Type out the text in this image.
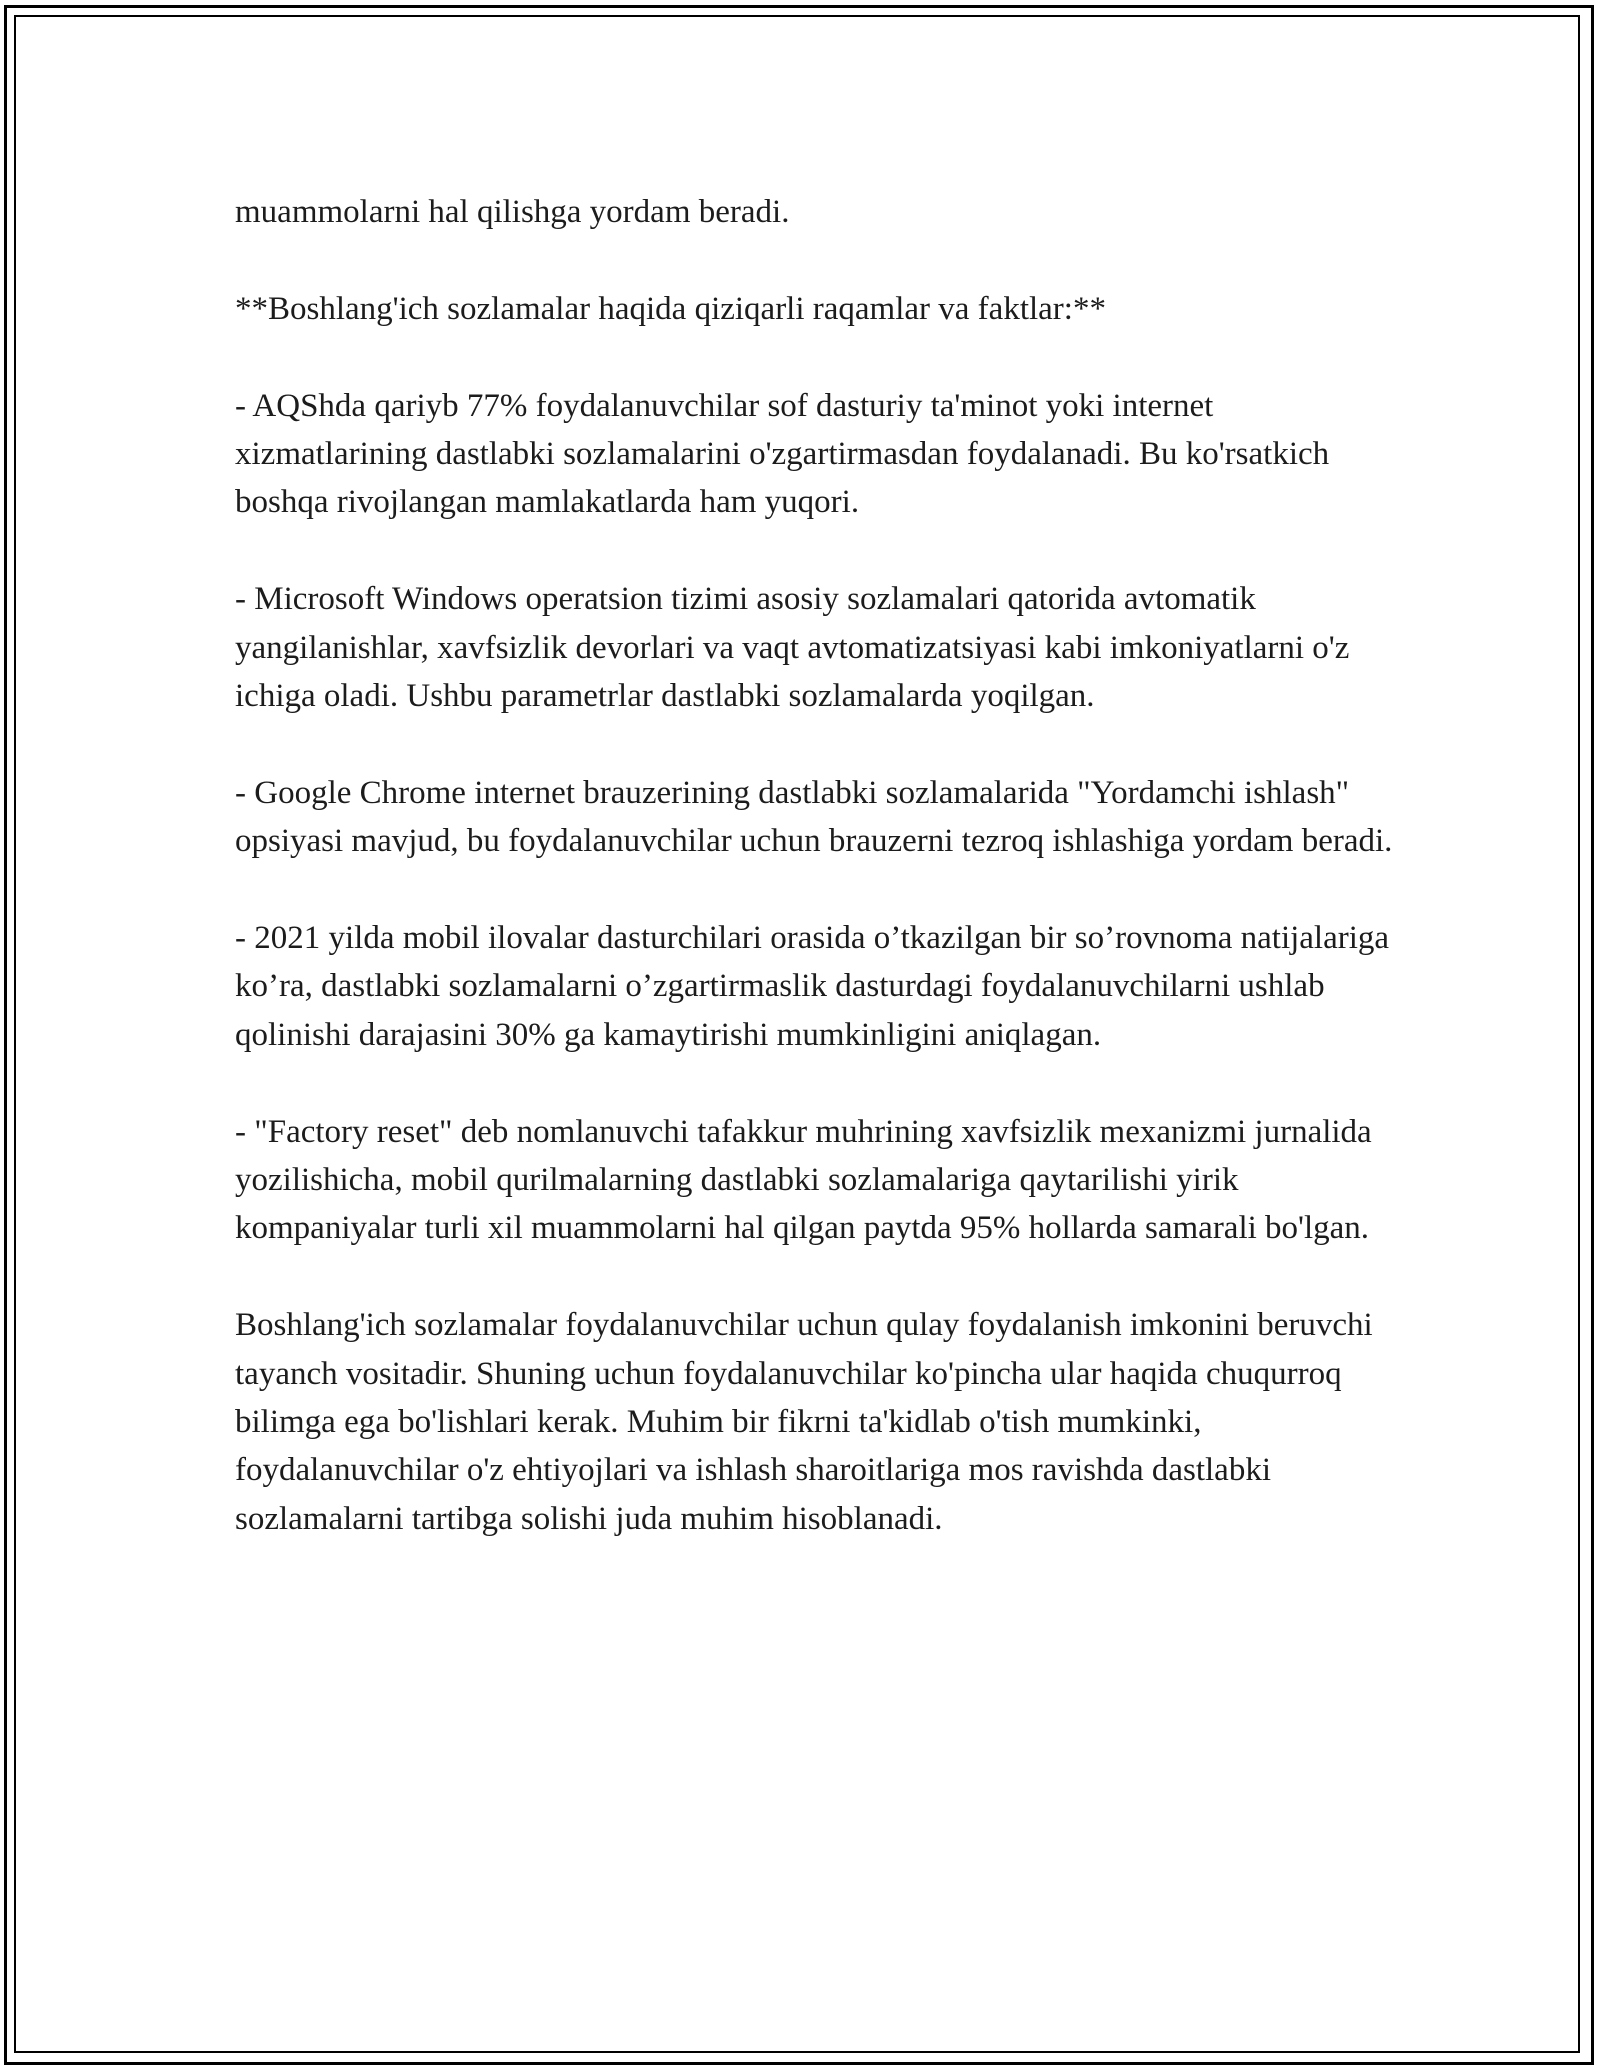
muammolarni hal qilishga yordam beradi.

**Boshlang'ich sozlamalar haqida qiziqarli raqamlar va faktlar:**

- AQShda qariyb 77% foydalanuvchilar sof dasturiy ta'minot yoki internet xizmatlarining dastlabki sozlamalarini o'zgartirmasdan foydalanadi. Bu ko'rsatkich boshqa rivojlangan mamlakatlarda ham yuqori.

- Microsoft Windows operatsion tizimi asosiy sozlamalari qatorida avtomatik yangilanishlar, xavfsizlik devorlari va vaqt avtomatizatsiyasi kabi imkoniyatlarni o'z ichiga oladi. Ushbu parametrlar dastlabki sozlamalarda yoqilgan.

- Google Chrome internet brauzerining dastlabki sozlamalarida "Yordamchi ishlash" opsiyasi mavjud, bu foydalanuvchilar uchun brauzerni tezroq ishlashiga yordam beradi.

- 2021 yilda mobil ilovalar dasturchilari orasida o’tkazilgan bir so’rovnoma natijalariga ko’ra, dastlabki sozlamalarni o’zgartirmaslik dasturdagi foydalanuvchilarni ushlab qolinishi darajasini 30% ga kamaytirishi mumkinligini aniqlagan.

- "Factory reset" deb nomlanuvchi tafakkur muhrining xavfsizlik mexanizmi jurnalida yozilishicha, mobil qurilmalarning dastlabki sozlamalariga qaytarilishi yirik kompaniyalar turli xil muammolarni hal qilgan paytda 95% hollarda samarali bo'lgan.

Boshlang'ich sozlamalar foydalanuvchilar uchun qulay foydalanish imkonini beruvchi tayanch vositadir. Shuning uchun foydalanuvchilar ko'pincha ular haqida chuqurroq bilimga ega bo'lishlari kerak. Muhim bir fikrni ta'kidlab o'tish mumkinki, foydalanuvchilar o'z ehtiyojlari va ishlash sharoitlariga mos ravishda dastlabki sozlamalarni tartibga solishi juda muhim hisoblanadi.
